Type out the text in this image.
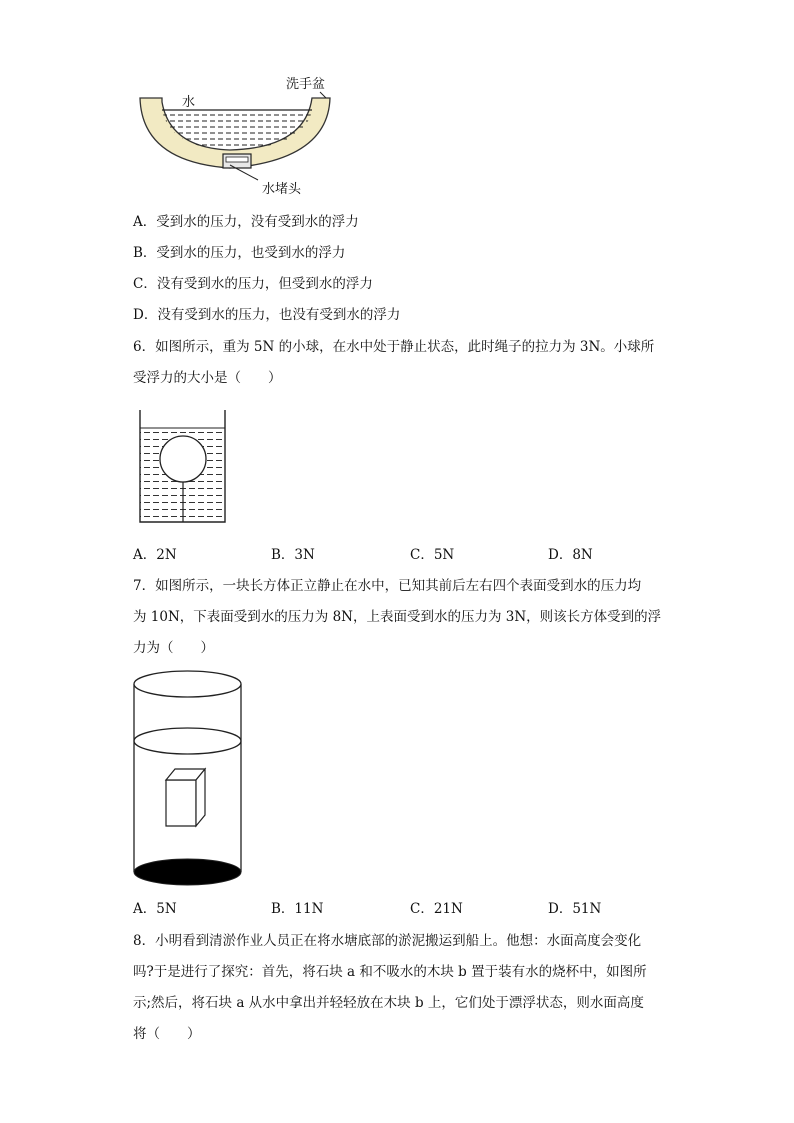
洗手盆
水
水堵头
A．受到水的压力，没有受到水的浮力
B．受到水的压力，也受到水的浮力
C．没有受到水的压力，但受到水的浮力
D．没有受到水的压力，也没有受到水的浮力
6．如图所示，重为 5N 的小球，在水中处于静止状态，此时绳子的拉力为 3N。小球所
受浮力的大小是（　　）
A．2N	B．3N	C．5N	D．8N
7．如图所示，一块长方体正立静止在水中，已知其前后左右四个表面受到水的压力均
为 10N，下表面受到水的压力为 8N，上表面受到水的压力为 3N，则该长方体受到的浮
力为（　　）
A．5N	B．11N	C．21N	D．51N
8．小明看到清淤作业人员正在将水塘底部的淤泥搬运到船上。他想：水面高度会变化
吗?于是进行了探究：首先，将石块 a 和不吸水的木块 b 置于装有水的烧杯中，如图所
示;然后，将石块 a 从水中拿出并轻轻放在木块 b 上，它们处于漂浮状态，则水面高度
将（　　）
